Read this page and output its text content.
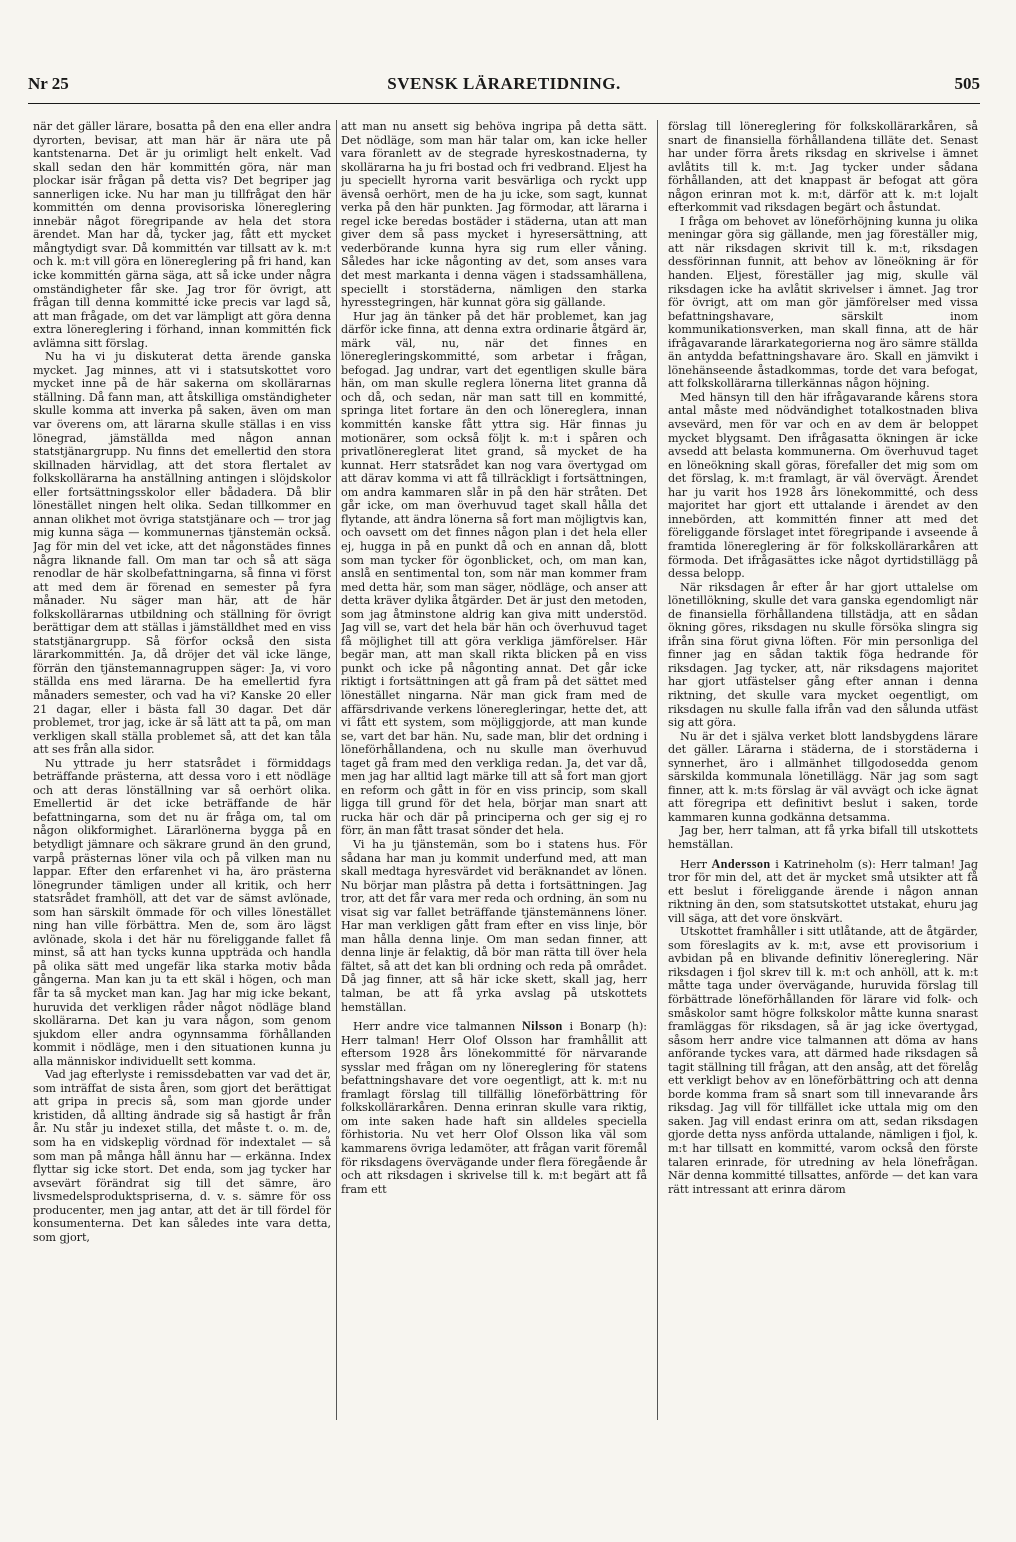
Nr 25	SVENSK LÄRARETIDNING.	505

när det gäller lärare, bosatta på den ena eller andra dyrorten, bevisar, att man här är nära ute på kantstenarna. Det är ju orimligt helt enkelt. Vad skall sedan den här kommittén göra, när man plockar isär frågan på detta vis? Det begriper jag sannerligen icke. Nu har man ju tillfrågat den här kommittén om denna provisoriska lönereglering innebär något föregripande av hela det stora ärendet. Man har då, tycker jag, fått ett mycket mångtydigt svar. Då kommittén var tillsatt av k. m:t och k. m:t vill göra en lönereglering på fri hand, kan icke kommittén gärna säga, att så icke under några omständigheter får ske. Jag tror för övrigt, att frågan till denna kommitté icke precis var lagd så, att man frågade, om det var lämpligt att göra denna extra lönereglering i förhand, innan kommittén fick avlämna sitt förslag.

Nu ha vi ju diskuterat detta ärende ganska mycket. Jag minnes, att vi i statsutskottet voro mycket inne på de här sakerna om skollärarnas ställning. Då fann man, att åtskilliga omständigheter skulle komma att inverka på saken, även om man var överens om, att lärarna skulle ställas i en viss lönegrad, jämställda med någon annan statstjänargrupp. Nu finns det emellertid den stora skillnaden härvidlag, att det stora flertalet av folkskollärarna ha anställning antingen i slöjdskolor eller fortsättningsskolor eller bådadera. Då blir lönestället ningen helt olika. Sedan tillkommer en annan olikhet mot övriga statstjänare och — tror jag mig kunna säga — kommunernas tjänstemän också. Jag för min del vet icke, att det någonstädes finnes några liknande fall. Om man tar och så att säga renodlar de här skolbefattningarna, så finna vi först att med dem är förenad en semester på fyra månader. Nu säger man här, att de här folkskollärarnas utbildning och ställning för övrigt berättigar dem att ställas i jämställdhet med en viss statstjänargrupp. Så förfor också den sista lärarkommittén. Ja, då dröjer det väl icke länge, förrän den tjänstemannagruppen säger: Ja, vi voro ställda ens med lärarna. De ha emellertid fyra månaders semester, och vad ha vi? Kanske 20 eller 21 dagar, eller i bästa fall 30 dagar. Det där problemet, tror jag, icke är så lätt att ta på, om man verkligen skall ställa problemet så, att det kan tåla att ses från alla sidor.

Nu yttrade ju herr statsrådet i förmiddags beträffande prästerna, att dessa voro i ett nödläge och att deras lönställning var så oerhört olika. Emellertid är det icke beträffande de här befattningarna, som det nu är fråga om, tal om någon olikformighet. Lärarlönerna bygga på en betydligt jämnare och säkrare grund än den grund, varpå prästernas löner vila och på vilken man nu lappar. Efter den erfarenhet vi ha, äro prästerna lönegrunder tämligen under all kritik, och herr statsrådet framhöll, att det var de sämst avlönade, som han särskilt ömmade för och villes lönestället ning han ville förbättra. Men de, som äro lägst avlönade, skola i det här nu föreliggande fallet få minst, så att han tycks kunna uppträda och handla på olika sätt med ungefär lika starka motiv båda gångerna. Man kan ju ta ett skäl i högen, och man får ta så mycket man kan. Jag har mig icke bekant, huruvida det verkligen råder något nödläge bland skollärarna. Det kan ju vara någon, som genom sjukdom eller andra ogynnsamma förhållanden kommit i nödläge, men i den situationen kunna ju alla människor individuellt sett komma.

Vad jag efterlyste i remissdebatten var vad det är, som inträffat de sista åren, som gjort det berättigat att gripa in precis så, som man gjorde under kristiden, då allting ändrade sig så hastigt år från år. Nu står ju indexet stilla, det måste t. o. m. de, som ha en vidskeplig vördnad för indextalet — så som man på många håll ännu har — erkänna. Index flyttar sig icke stort. Det enda, som jag tycker har avsevärt förändrat sig till det sämre, äro livsmedelsproduktspriserna, d. v. s. sämre för oss producenter, men jag antar, att det är till fördel för konsumenterna. Det kan således inte vara detta, som gjort,

att man nu ansett sig behöva ingripa på detta sätt. Det nödläge, som man här talar om, kan icke heller vara föranlett av de stegrade hyreskostnaderna, ty skollärarna ha ju fri bostad och fri vedbrand. Eljest ha ju speciellt hyrorna varit besvärliga och ryckt upp ävenså oerhört, men de ha ju icke, som sagt, kunnat verka på den här punkten. Jag förmodar, att lärarna i regel icke beredas bostäder i städerna, utan att man giver dem så pass mycket i hyresersättning, att vederbörande kunna hyra sig rum eller våning. Således har icke någonting av det, som anses vara det mest markanta i denna vägen i stadssamhällena, speciellt i storstäderna, nämligen den starka hyresstegringen, här kunnat göra sig gällande.

Hur jag än tänker på det här problemet, kan jag därför icke finna, att denna extra ordinarie åtgärd är, märk väl, nu, när det finnes en löneregleringskommitté, som arbetar i frågan, befogad. Jag undrar, vart det egentligen skulle bära hän, om man skulle reglera lönerna litet granna då och då, och sedan, när man satt till en kommitté, springa litet fortare än den och lönereglera, innan kommittén kanske fått yttra sig. Här finnas ju motionärer, som också följt k. m:t i spåren och privatlönereglerat litet grand, så mycket de ha kunnat. Herr statsrådet kan nog vara övertygad om att därav komma vi att få tillräckligt i fortsättningen, om andra kammaren slår in på den här stråten. Det går icke, om man överhuvud taget skall hålla det flytande, att ändra lönerna så fort man möjligtvis kan, och oavsett om det finnes någon plan i det hela eller ej, hugga in på en punkt då och en annan då, blott som man tycker för ögonblicket, och, om man kan, anslå en sentimental ton, som när man kommer fram med detta här, som man säger, nödläge, och anser att detta kräver dylika åtgärder. Det är just den metoden, som jag åtminstone aldrig kan giva mitt understöd. Jag vill se, vart det hela bär hän och överhuvud taget få möjlighet till att göra verkliga jämförelser. Här begär man, att man skall rikta blicken på en viss punkt och icke på någonting annat. Det går icke riktigt i fortsättningen att gå fram på det sättet med lönestället ningarna. När man gick fram med de affärsdrivande verkens löneregleringar, hette det, att vi fått ett system, som möjliggjorde, att man kunde se, vart det bar hän. Nu, sade man, blir det ordning i löneförhållandena, och nu skulle man överhuvud taget gå fram med den verkliga redan. Ja, det var då, men jag har alltid lagt märke till att så fort man gjort en reform och gått in för en viss princip, som skall ligga till grund för det hela, börjar man snart att rucka här och där på principerna och ger sig ej ro förr, än man fått trasat sönder det hela.

Vi ha ju tjänstemän, som bo i statens hus. För sådana har man ju kommit underfund med, att man skall medtaga hyresvärdet vid beräknandet av lönen. Nu börjar man plåstra på detta i fortsättningen. Jag tror, att det får vara mer reda och ordning, än som nu visat sig var fallet beträffande tjänstemännens löner. Har man verkligen gått fram efter en viss linje, bör man hålla denna linje. Om man sedan finner, att denna linje är felaktig, då bör man rätta till över hela fältet, så att det kan bli ordning och reda på området. Då jag finner, att så här icke skett, skall jag, herr talman, be att få yrka avslag på utskottets hemställan.

Herr andre vice talmannen Nilsson i Bonarp (h): Herr talman! Herr Olof Olsson har framhållit att eftersom 1928 års lönekommitté för närvarande sysslar med frågan om ny lönereglering för statens befattningshavare det vore oegentligt, att k. m:t nu framlagt förslag till tillfällig löneförbättring för folkskollärarkåren. Denna erinran skulle vara riktig, om inte saken hade haft sin alldeles speciella förhistoria. Nu vet herr Olof Olsson lika väl som kammarens övriga ledamöter, att frågan varit föremål för riksdagens övervägande under flera föregående år och att riksdagen i skrivelse till k. m:t begärt att få fram ett

förslag till lönereglering för folkskollärarkåren, så snart de finansiella förhållandena tilläte det. Senast har under förra årets riksdag en skrivelse i ämnet avlåtits till k. m:t. Jag tycker under sådana förhållanden, att det knappast är befogat att göra någon erinran mot k. m:t, därför att k. m:t lojalt efterkommit vad riksdagen begärt och åstundat.

I fråga om behovet av löneförhöjning kunna ju olika meningar göra sig gällande, men jag föreställer mig, att när riksdagen skrivit till k. m:t, riksdagen dessförinnan funnit, att behov av löneökning är för handen. Eljest, föreställer jag mig, skulle väl riksdagen icke ha avlåtit skrivelser i ämnet. Jag tror för övrigt, att om man gör jämförelser med vissa befattningshavare, särskilt inom kommunikationsverken, man skall finna, att de här ifrågavarande lärarkategorierna nog äro sämre ställda än antydda befattningshavare äro. Skall en jämvikt i lönehänseende åstadkommas, torde det vara befogat, att folkskollärarna tillerkännas någon höjning.

Med hänsyn till den här ifrågavarande kårens stora antal måste med nödvändighet totalkostnaden bliva avsevärd, men för var och en av dem är beloppet mycket blygsamt. Den ifrågasatta ökningen är icke avsedd att belasta kommunerna. Om överhuvud taget en löneökning skall göras, förefaller det mig som om det förslag, k. m:t framlagt, är väl övervägt. Ärendet har ju varit hos 1928 års lönekommitté, och dess majoritet har gjort ett uttalande i ärendet av den innebörden, att kommittén finner att med det föreliggande förslaget intet föregripande i avseende å framtida lönereglering är för folkskollärarkåren att förmoda. Det ifrågasättes icke något dyrtidstillägg på dessa belopp.

När riksdagen år efter år har gjort uttalelse om lönetillökning, skulle det vara ganska egendomligt när de finansiella förhållandena tillstädja, att en sådan ökning göres, riksdagen nu skulle försöka slingra sig ifrån sina förut givna löften. För min personliga del finner jag en sådan taktik föga hedrande för riksdagen. Jag tycker, att, när riksdagens majoritet har gjort utfästelser gång efter annan i denna riktning, det skulle vara mycket oegentligt, om riksdagen nu skulle falla ifrån vad den sålunda utfäst sig att göra.

Nu är det i själva verket blott landsbygdens lärare det gäller. Lärarna i städerna, de i storstäderna i synnerhet, äro i allmänhet tillgodosedda genom särskilda kommunala lönetillägg. När jag som sagt finner, att k. m:ts förslag är väl avvägt och icke ägnat att föregripa ett definitivt beslut i saken, torde kammaren kunna godkänna detsamma.

Jag ber, herr talman, att få yrka bifall till utskottets hemställan.

Herr Andersson i Katrineholm (s): Herr talman! Jag tror för min del, att det är mycket små utsikter att få ett beslut i föreliggande ärende i någon annan riktning än den, som statsutskottet utstakat, ehuru jag vill säga, att det vore önskvärt.

Utskottet framhåller i sitt utlåtande, att de åtgärder, som föreslagits av k. m:t, avse ett provisorium i avbidan på en blivande definitiv lönereglering. När riksdagen i fjol skrev till k. m:t och anhöll, att k. m:t måtte taga under övervägande, huruvida förslag till förbättrade löneförhållanden för lärare vid folk- och småskolor samt högre folkskolor måtte kunna snarast framläggas för riksdagen, så är jag icke övertygad, såsom herr andre vice talmannen att döma av hans anförande tyckes vara, att därmed hade riksdagen så tagit ställning till frågan, att den ansåg, att det förelåg ett verkligt behov av en löneförbättring och att denna borde komma fram så snart som till innevarande års riksdag. Jag vill för tillfället icke uttala mig om den saken. Jag vill endast erinra om att, sedan riksdagen gjorde detta nyss anförda uttalande, nämligen i fjol, k. m:t har tillsatt en kommitté, varom också den förste talaren erinrade, för utredning av hela lönefrågan. När denna kommitté tillsattes, anförde — det kan vara rätt intressant att erinra därom
